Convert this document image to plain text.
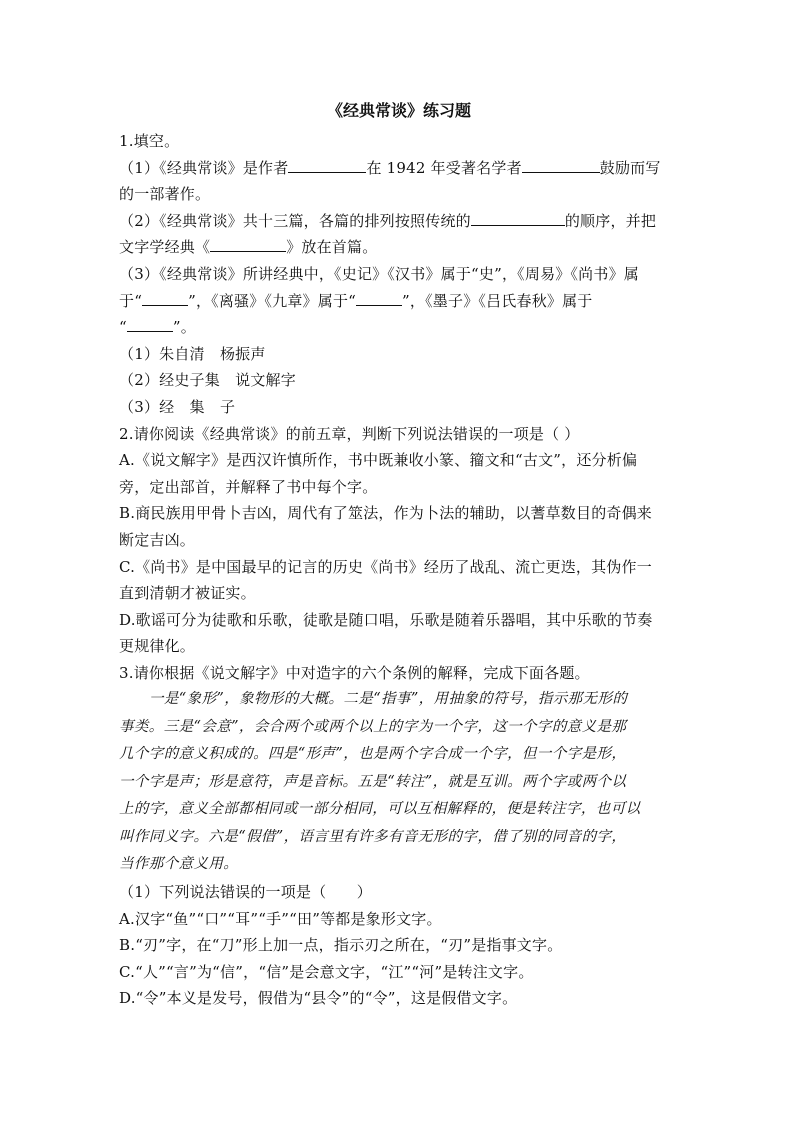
《经典常谈》练习题
1.填空。
（1）《经典常谈》是作者	在 1942 年受著名学者	鼓励而写
的一部著作。
（2）《经典常谈》共十三篇，各篇的排列按照传统的	的顺序，并把
文字学经典《	》放在首篇。
（3）《经典常谈》所讲经典中，《史记》《汉书》属于“史”，《周易》《尚书》属
于“	”，《离骚》《九章》属于“	”，《墨子》《吕氏春秋》属于
“	”。
（1）朱自清　杨振声
（2）经史子集　说文解字
（3）经　集　子
2.请你阅读《经典常谈》的前五章，判断下列说法错误的一项是（ ）
A.《说文解字》是西汉许慎所作，书中既兼收小篆、籀文和“古文”，还分析偏
旁，定出部首，并解释了书中每个字。
B.商民族用甲骨卜吉凶，周代有了筮法，作为卜法的辅助，以蓍草数目的奇偶来
断定吉凶。
C.《尚书》是中国最早的记言的历史《尚书》经历了战乱、流亡更迭，其伪作一
直到清朝才被证实。
D.歌谣可分为徒歌和乐歌，徒歌是随口唱，乐歌是随着乐器唱，其中乐歌的节奏
更规律化。
3.请你根据《说文解字》中对造字的六个条例的解释，完成下面各题。
一是“象形”，象物形的大概。二是“指事”，用抽象的符号，指示那无形的
事类。三是“会意”，会合两个或两个以上的字为一个字，这一个字的意义是那
几个字的意义积成的。四是“形声”，也是两个字合成一个字，但一个字是形，
一个字是声；形是意符，声是音标。五是“转注”，就是互训。两个字或两个以
上的字，意义全部都相同或一部分相同，可以互相解释的，便是转注字，也可以
叫作同义字。六是“假借”，语言里有许多有音无形的字，借了别的同音的字，
当作那个意义用。
（1）下列说法错误的一项是（　　）
A.汉字“鱼”“口”“耳”“手”“田”等都是象形文字。
B.“刃”字，在“刀”形上加一点，指示刃之所在，“刃”是指事文字。
C.“人”“言”为“信”，“信”是会意文字，“江”“河”是转注文字。
D.“令”本义是发号，假借为“县令”的“令”，这是假借文字。
